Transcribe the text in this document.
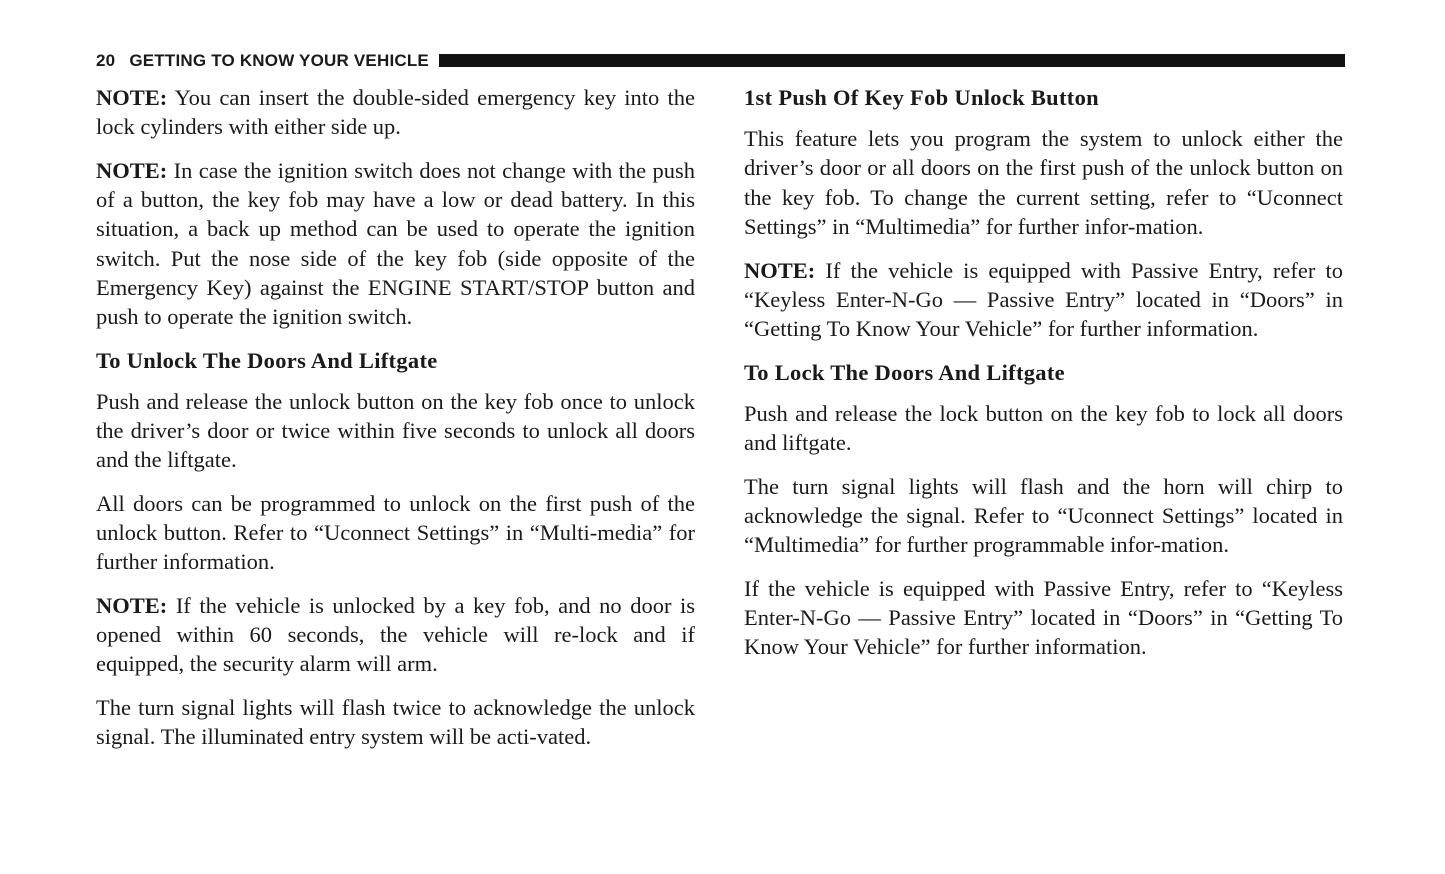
20 GETTING TO KNOW YOUR VEHICLE

NOTE: You can insert the double-sided emergency key into the lock cylinders with either side up.

NOTE: In case the ignition switch does not change with the push of a button, the key fob may have a low or dead battery. In this situation, a back up method can be used to operate the ignition switch. Put the nose side of the key fob (side opposite of the Emergency Key) against the ENGINE START/STOP button and push to operate the ignition switch.

To Unlock The Doors And Liftgate

Push and release the unlock button on the key fob once to unlock the driver’s door or twice within five seconds to unlock all doors and the liftgate.

All doors can be programmed to unlock on the first push of the unlock button. Refer to “Uconnect Settings” in “Multi-media” for further information.

NOTE: If the vehicle is unlocked by a key fob, and no door is opened within 60 seconds, the vehicle will re-lock and if equipped, the security alarm will arm.

The turn signal lights will flash twice to acknowledge the unlock signal. The illuminated entry system will be acti-vated.

1st Push Of Key Fob Unlock Button

This feature lets you program the system to unlock either the driver’s door or all doors on the first push of the unlock button on the key fob. To change the current setting, refer to “Uconnect Settings” in “Multimedia” for further infor-mation.

NOTE: If the vehicle is equipped with Passive Entry, refer to “Keyless Enter-N-Go — Passive Entry” located in “Doors” in “Getting To Know Your Vehicle” for further information.

To Lock The Doors And Liftgate

Push and release the lock button on the key fob to lock all doors and liftgate.

The turn signal lights will flash and the horn will chirp to acknowledge the signal. Refer to “Uconnect Settings” located in “Multimedia” for further programmable infor-mation.

If the vehicle is equipped with Passive Entry, refer to “Keyless Enter-N-Go — Passive Entry” located in “Doors” in “Getting To Know Your Vehicle” for further information.
